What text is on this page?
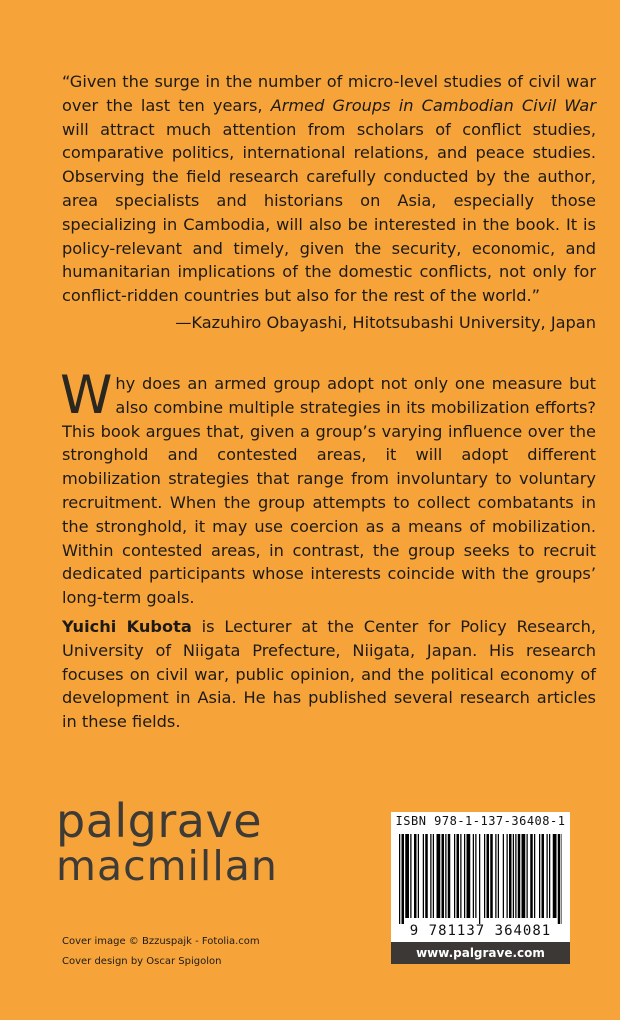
“Given the surge in the number of micro-level studies of civil war over the last ten years, Armed Groups in Cambodian Civil War will attract much attention from scholars of conflict studies, comparative politics, international relations, and peace studies. Observing the field research carefully conducted by the author, area specialists and historians on Asia, especially those specializing in Cambodia, will also be interested in the book. It is policy-relevant and timely, given the security, economic, and humanitarian implications of the domestic conflicts, not only for conflict-ridden countries but also for the rest of the world.”
—Kazuhiro Obayashi, Hitotsubashi University, Japan
Why does an armed group adopt not only one measure but also combine multiple strategies in its mobilization efforts? This book argues that, given a group’s varying influence over the stronghold and contested areas, it will adopt different mobilization strategies that range from involuntary to voluntary recruitment. When the group attempts to collect combatants in the stronghold, it may use coercion as a means of mobilization. Within contested areas, in contrast, the group seeks to recruit dedicated participants whose interests coincide with the groups’ long-term goals.
Yuichi Kubota is Lecturer at the Center for Policy Research, University of Niigata Prefecture, Niigata, Japan. His research focuses on civil war, public opinion, and the political economy of development in Asia. He has published several research articles in these fields.
palgrave
macmillan
Cover image © Bzzuspajk - Fotolia.com
Cover design by Oscar Spigolon
ISBN 978-1-137-36408-1
9 781137 364081
www.palgrave.com
